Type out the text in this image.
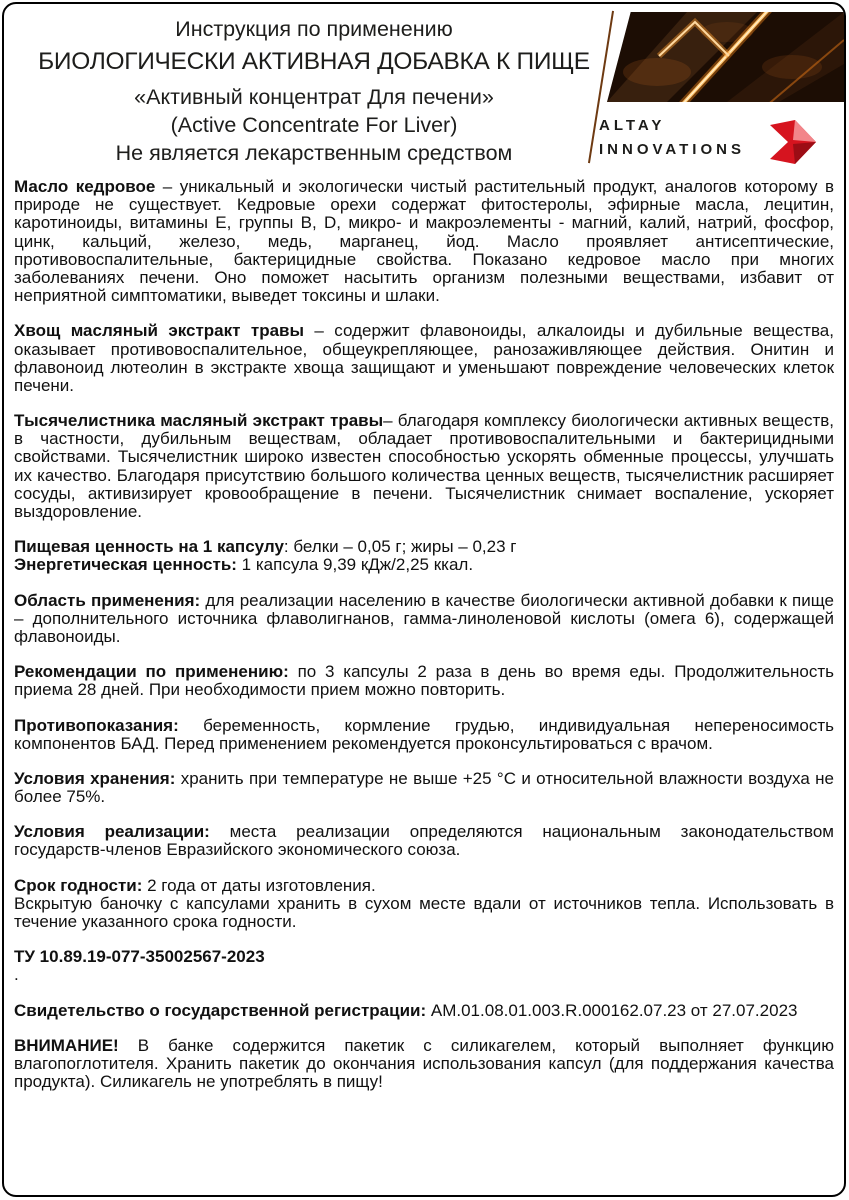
Инструкция по применению
БИОЛОГИЧЕСКИ АКТИВНАЯ ДОБАВКА К ПИЩЕ
«Активный концентрат Для печени»
(Active Concentrate For Liver)
Не является лекарственным средством
ALTAY
INNOVATIONS

Масло кедровое – уникальный и экологически чистый растительный продукт, аналогов которому в природе не существует. Кедровые орехи содержат фитостеролы, эфирные масла, лецитин, каротиноиды, витамины Е, группы В, D, микро- и макроэлементы - магний, калий, натрий, фосфор, цинк, кальций, железо, медь, марганец, йод. Масло проявляет антисептические, противовоспалительные, бактерицидные свойства. Показано кедровое масло при многих заболеваниях печени. Оно поможет насытить организм полезными веществами, избавит от неприятной симптоматики, выведет токсины и шлаки.

Хвощ масляный экстракт травы – содержит флавоноиды, алкалоиды и дубильные вещества, оказывает противовоспалительное, общеукрепляющее, ранозаживляющее действия. Онитин и флавоноид лютеолин в экстракте хвоща защищают и уменьшают повреждение человеческих клеток печени.

Тысячелистника масляный экстракт травы– благодаря комплексу биологически активных веществ, в частности, дубильным веществам, обладает противовоспалительными и бактерицидными свойствами. Тысячелистник широко известен способностью ускорять обменные процессы, улучшать их качество. Благодаря присутствию большого количества ценных веществ, тысячелистник расширяет сосуды, активизирует кровообращение в печени. Тысячелистник снимает воспаление, ускоряет выздоровление.

Пищевая ценность на 1 капсулу: белки – 0,05 г; жиры – 0,23 г

Энергетическая ценность: 1 капсула 9,39 кДж/2,25 ккал.

Область применения: для реализации населению в качестве биологически активной добавки к пище – дополнительного источника флаволигнанов, гамма-линоленовой кислоты (омега 6), содержащей флавоноиды.

Рекомендации по применению: по 3 капсулы 2 раза в день во время еды. Продолжительность приема 28 дней. При необходимости прием можно повторить.

Противопоказания: беременность, кормление грудью, индивидуальная непереносимость компонентов БАД. Перед применением рекомендуется проконсультироваться с врачом.

Условия хранения: хранить при температуре не выше +25 °С и относительной влажности воздуха не более 75%.

Условия реализации: места реализации определяются национальным законодательством государств-членов Евразийского экономического союза.

Срок годности: 2 года от даты изготовления.

Вскрытую баночку с капсулами хранить в сухом месте вдали от источников тепла. Использовать в течение указанного срока годности.

ТУ 10.89.19-077-35002567-2023

.

Свидетельство о государственной регистрации: АМ.01.08.01.003.R.000162.07.23 от 27.07.2023

ВНИМАНИЕ! В банке содержится пакетик с силикагелем, который выполняет функцию влагопоглотителя. Хранить пакетик до окончания использования капсул (для поддержания качества продукта). Силикагель не употреблять в пищу!
